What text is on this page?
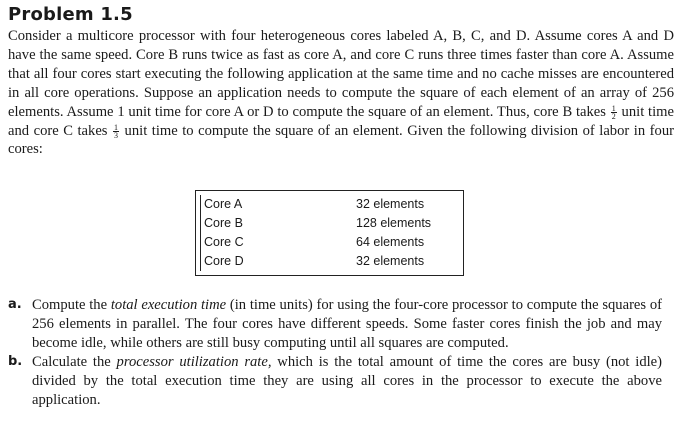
Problem 1.5

Consider a multicore processor with four heterogeneous cores labeled A, B, C, and D. Assume cores A and D have the same speed. Core B runs twice as fast as core A, and core C runs three times faster than core A. Assume that all four cores start executing the following application at the same time and no cache misses are encountered in all core operations. Suppose an application needs to compute the square of each element of an array of 256 elements. Assume 1 unit time for core A or D to compute the square of an element. Thus, core B takes $\frac{1}{2}$ unit time and core C takes $\frac{1}{3}$ unit time to compute the square of an element. Given the following division of labor in four cores:

Core A	32 elements
Core B	128 elements
Core C	64 elements
Core D	32 elements
a. Compute the total execution time (in time units) for using the four-core processor to compute the squares of 256 elements in parallel. The four cores have different speeds. Some faster cores finish the job and may become idle, while others are still busy computing until all squares are computed.
b. Calculate the processor utilization rate, which is the total amount of time the cores are busy (not idle) divided by the total execution time they are using all cores in the processor to execute the above application.
